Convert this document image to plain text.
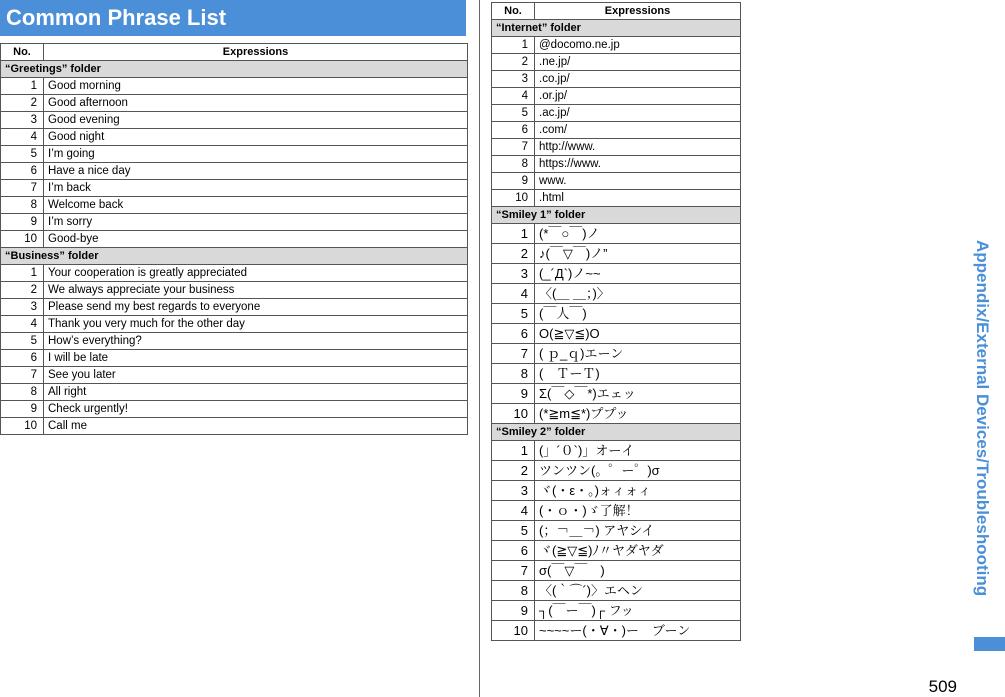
Common Phrase List
No.	Expressions
“Greetings” folder	
1	Good morning
2	Good afternoon
3	Good evening
4	Good night
5	I’m going
6	Have a nice day
7	I’m back
8	Welcome back
9	I’m sorry
10	Good-bye
“Business” folder	
1	Your cooperation is greatly appreciated
2	We always appreciate your business
3	Please send my best regards to everyone
4	Thank you very much for the other day
5	How’s everything?
6	I will be late
7	See you later
8	All right
9	Check urgently!
10	Call me
No.	Expressions
“Internet” folder	
1	@docomo.ne.jp
2	.ne.jp/
3	.co.jp/
4	.or.jp/
5	.ac.jp/
6	.com/
7	http://www.
8	https://www.
9	www.
10	.html
“Smiley 1” folder	
1	(*￣○￣)ノ
2	♪(￣▽￣)ノ”
3	(_´Д`)ノ~~
4	〈(＿ ＿；)〉
5	(￣人￣)
6	O(≧▽≦)O
7	( ｐ_ｑ)エーン
8	(　ＴーＴ)
9	Σ(￣◇￣*)エェッ
10	(*≧m≦*)ププッ
“Smiley 2” folder	
1	(」´０`)」オーイ
2	ツンツン(。゜ー゜)σ
3	ヾ(・ε・。)ォィォィ
4	(・ｏ・)ゞ了解！
5	(；￢＿￢) アヤシイ
6	ヾ(≧▽≦)ﾉ〃ヤダヤダ
7	σ(￣▽￣　)
8	〈(｀⌒´)〉エヘン
9	┐(￣ー￣)┌ フッ
10	~~~~ー(・∀・)ー　ブーン
Appendix/External Devices/Troubleshooting
509
